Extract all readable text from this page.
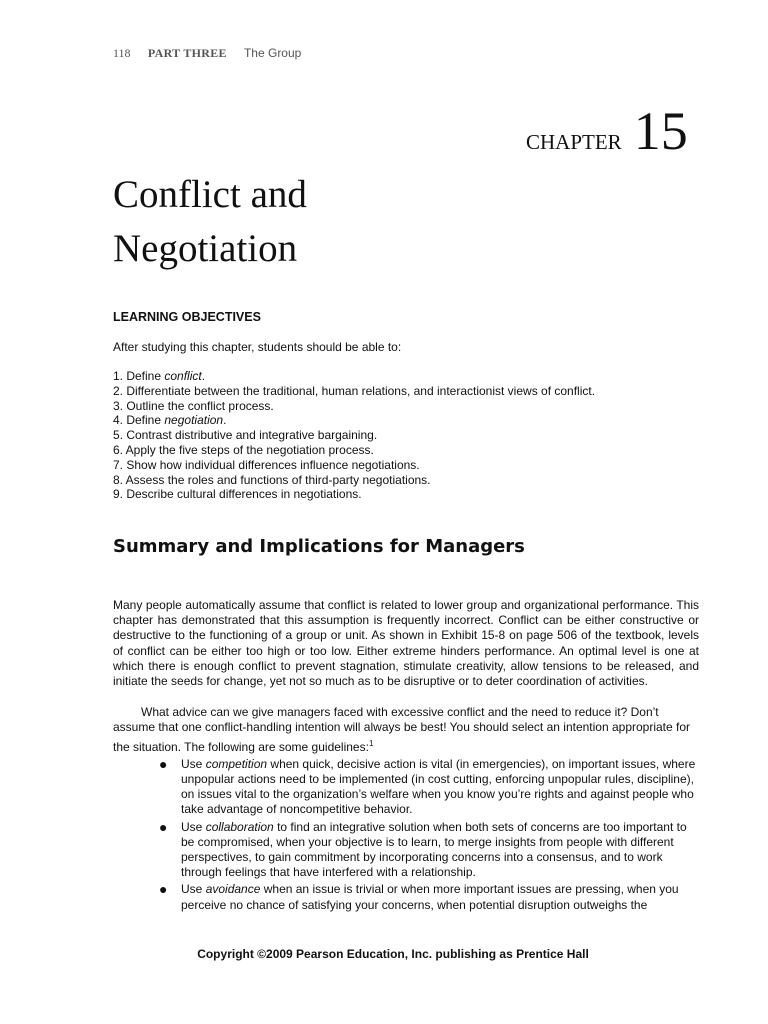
118 PART THREE The Group
CHAPTER 15
Conflict and
Negotiation
LEARNING OBJECTIVES

After studying this chapter, students should be able to:

1. Define conflict.
2. Differentiate between the traditional, human relations, and interactionist views of conflict.
3. Outline the conflict process.
4. Define negotiation.
5. Contrast distributive and integrative bargaining.
6. Apply the five steps of the negotiation process.
7. Show how individual differences influence negotiations.
8. Assess the roles and functions of third-party negotiations.
9. Describe cultural differences in negotiations.
Summary and Implications for Managers

Many people automatically assume that conflict is related to lower group and organizational performance. This chapter has demonstrated that this assumption is frequently incorrect. Conflict can be either constructive or destructive to the functioning of a group or unit. As shown in Exhibit 15-8 on page 506 of the textbook, levels of conflict can be either too high or too low. Either extreme hinders performance. An optimal level is one at which there is enough conflict to prevent stagnation, stimulate creativity, allow tensions to be released, and initiate the seeds for change, yet not so much as to be disruptive or to deter coordination of activities.

What advice can we give managers faced with excessive conflict and the need to reduce it? Don’t assume that one conflict-handling intention will always be best! You should select an intention appropriate for the situation. The following are some guidelines:$^1$

● Use competition when quick, decisive action is vital (in emergencies), on important issues, where unpopular actions need to be implemented (in cost cutting, enforcing unpopular rules, discipline), on issues vital to the organization’s welfare when you know you’re rights and against people who take advantage of noncompetitive behavior.
● Use collaboration to find an integrative solution when both sets of concerns are too important to be compromised, when your objective is to learn, to merge insights from people with different perspectives, to gain commitment by incorporating concerns into a consensus, and to work through feelings that have interfered with a relationship.
● Use avoidance when an issue is trivial or when more important issues are pressing, when you perceive no chance of satisfying your concerns, when potential disruption outweighs the
Copyright ©2009 Pearson Education, Inc. publishing as Prentice Hall
